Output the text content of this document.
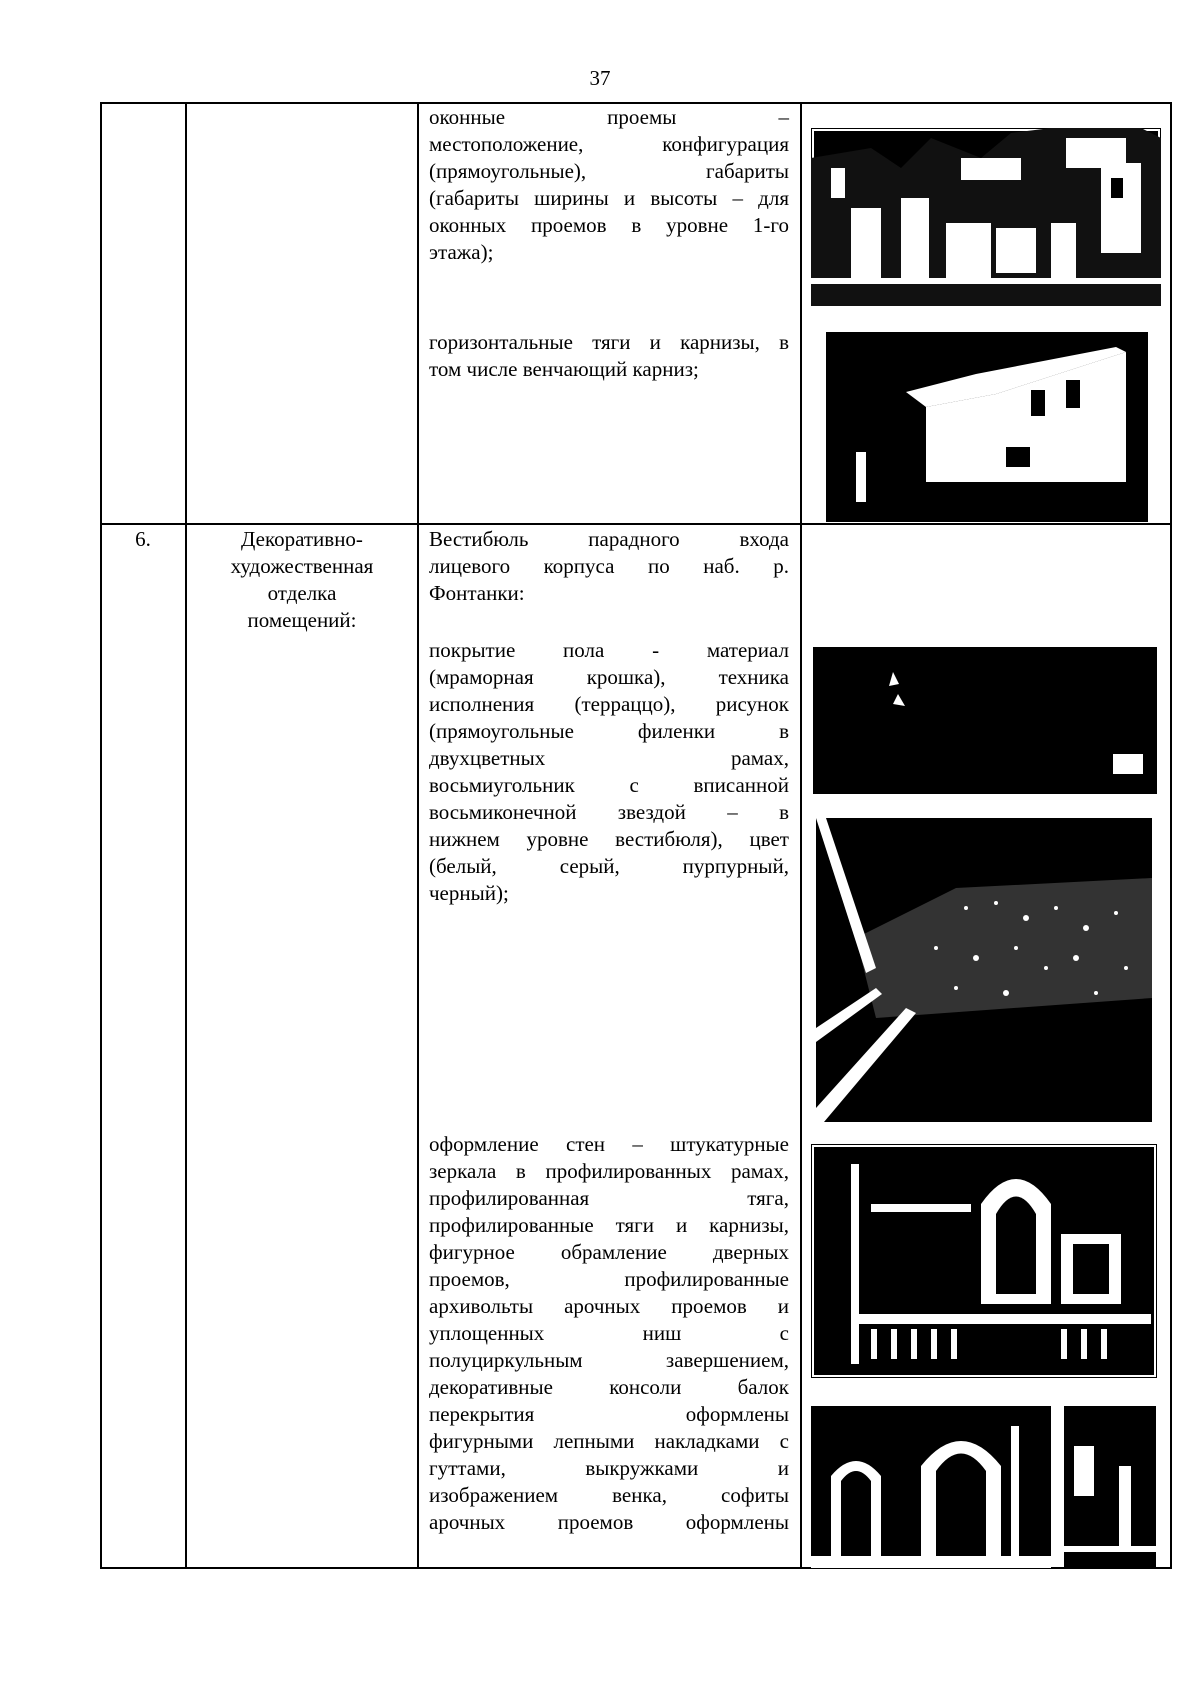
37
оконные проемы –
местоположение, конфигурация
(прямоугольные), габариты
(габариты ширины и высоты – для
оконных проемов в уровне 1-го
этажа);
горизонтальные тяги и карнизы, в
том числе венчающий карниз;
6.	Декоративно-
художественная
отделка
помещений:
Вестибюль парадного входа
лицевого корпуса по наб. р.
Фонтанки:
покрытие пола - материал
(мраморная крошка), техника
исполнения (терраццо), рисунок
(прямоугольные филенки в
двухцветных рамах,
восьмиугольник с вписанной
восьмиконечной звездой – в
нижнем уровне вестибюля), цвет
(белый, серый, пурпурный,
черный);
оформление стен – штукатурные
зеркала в профилированных рамах,
профилированная тяга,
профилированные тяги и карнизы,
фигурное обрамление дверных
проемов, профилированные
архивольты арочных проемов и
уплощенных ниш с
полуциркульным завершением,
декоративные консоли балок
перекрытия оформлены
фигурными лепными накладками с
гуттами, выкружками и
изображением венка, софиты
арочных проемов оформлены
